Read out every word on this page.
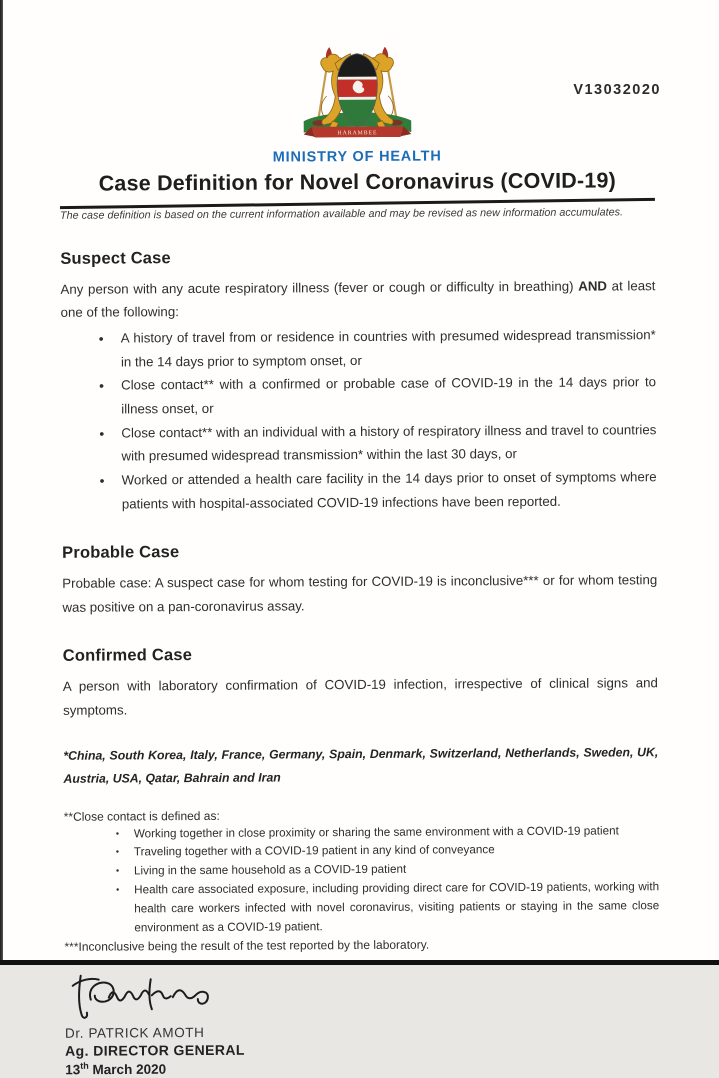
V13032020
HARAMBEE
MINISTRY OF HEALTH
Case Definition for Novel Coronavirus (COVID-19)
The case definition is based on the current information available and may be revised as new information accumulates.
Suspect Case
Any person with any acute respiratory illness (fever or cough or difficulty in breathing) AND at least one of the following:
•
A history of travel from or residence in countries with presumed widespread transmission* in the 14 days prior to symptom onset, or
•
Close contact** with a confirmed or probable case of COVID-19 in the 14 days prior to illness onset, or
•
Close contact** with an individual with a history of respiratory illness and travel to countries with presumed widespread transmission* within the last 30 days, or
•
Worked or attended a health care facility in the 14 days prior to onset of symptoms where patients with hospital-associated COVID-19 infections have been reported.
Probable Case
Probable case: A suspect case for whom testing for COVID-19 is inconclusive*** or for whom testing was positive on a pan-coronavirus assay.
Confirmed Case
A person with laboratory confirmation of COVID-19 infection, irrespective of clinical signs and symptoms.
*China, South Korea, Italy, France, Germany, Spain, Denmark, Switzerland, Netherlands, Sweden, UK, Austria, USA, Qatar, Bahrain and Iran
**Close contact is defined as:
•
Working together in close proximity or sharing the same environment with a COVID-19 patient
•
Traveling together with a COVID-19 patient in any kind of conveyance
•
Living in the same household as a COVID-19 patient
•
Health care associated exposure, including providing direct care for COVID-19 patients, working with health care workers infected with novel coronavirus, visiting patients or staying in the same close environment as a COVID-19 patient.
***Inconclusive being the result of the test reported by the laboratory.
Dr. PATRICK AMOTH
Ag. DIRECTOR GENERAL
13th March 2020
